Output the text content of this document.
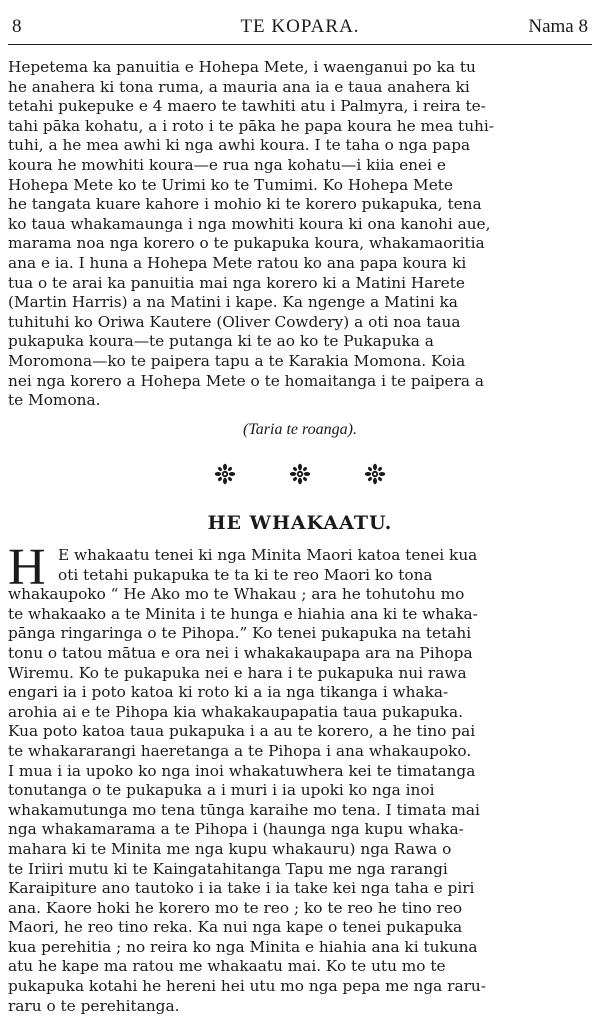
8	TE KOPARA.	Nama 8
Hepetema ka panuitia e Hohepa Mete, i waenganui po ka tu
he anahera ki tona ruma, a mauria ana ia e taua anahera ki
tetahi pukepuke e 4 maero te tawhiti atu i Palmyra, i reira te-
tahi pāka kohatu, a i roto i te pāka he papa koura he mea tuhi-
tuhi, a he mea awhi ki nga awhi koura. I te taha o nga papa
koura he mowhiti koura—e rua nga kohatu—i kiia enei e
Hohepa Mete ko te Urimi ko te Tumimi. Ko Hohepa Mete
he tangata kuare kahore i mohio ki te korero pukapuka, tena
ko taua whakamaunga i nga mowhiti koura ki ona kanohi aue,
marama noa nga korero o te pukapuka koura, whakamaoritia
ana e ia. I huna a Hohepa Mete ratou ko ana papa koura ki
tua o te arai ka panuitia mai nga korero ki a Matini Harete
(Martin Harris) a na Matini i kape. Ka ngenge a Matini ka
tuhituhi ko Oriwa Kautere (Oliver Cowdery) a oti noa taua
pukapuka koura—te putanga ki te ao ko te Pukapuka a
Moromona—ko te paipera tapu a te Karakia Momona. Koia
nei nga korero a Hohepa Mete o te homaitanga i te paipera a
te Momona.
(Taria te roanga).

HE WHAKAATU.
H E whakaatu tenei ki nga Minita Maori katoa tenei kua
oti tetahi pukapuka te ta ki te reo Maori ko tona
whakaupoko “ He Ako mo te Whakau ; ara he tohutohu mo
te whakaako a te Minita i te hunga e hiahia ana ki te whaka-
pānga ringaringa o te Pihopa.” Ko tenei pukapuka na tetahi
tonu o tatou mātua e ora nei i whakakaupapa ara na Pihopa
Wiremu. Ko te pukapuka nei e hara i te pukapuka nui rawa
engari ia i poto katoa ki roto ki a ia nga tikanga i whaka-
arohia ai e te Pihopa kia whakakaupapatia taua pukapuka.
Kua poto katoa taua pukapuka i a au te korero, a he tino pai
te whakararangi haeretanga a te Pihopa i ana whakaupoko.
I mua i ia upoko ko nga inoi whakatuwhera kei te timatanga
tonutanga o te pukapuka a i muri i ia upoki ko nga inoi
whakamutunga mo tena tūnga karaihe mo tena. I timata mai
nga whakamarama a te Pihopa i (haunga nga kupu whaka-
mahara ki te Minita me nga kupu whakauru) nga Rawa o
te Iriiri mutu ki te Kaingatahitanga Tapu me nga rarangi
Karaipiture ano tautoko i ia take i ia take kei nga taha e piri
ana. Kaore hoki he korero mo te reo ; ko te reo he tino reo
Maori, he reo tino reka. Ka nui nga kape o tenei pukapuka
kua perehitia ; no reira ko nga Minita e hiahia ana ki tukuna
atu he kape ma ratou me whakaatu mai. Ko te utu mo te
pukapuka kotahi he hereni hei utu mo nga pepa me nga raru-
raru o te perehitanga.
